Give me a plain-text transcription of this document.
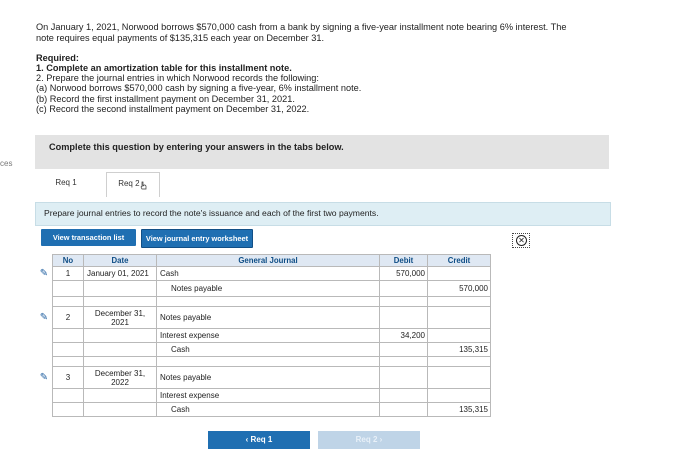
ces

On January 1, 2021, Norwood borrows $570,000 cash from a bank by signing a five-year installment note bearing 6% interest. The

note requires equal payments of $135,315 each year on December 31.

Required:
1. Complete an amortization table for this installment note.
2. Prepare the journal entries in which Norwood records the following:
(a) Norwood borrows $570,000 cash by signing a five-year, 6% installment note.
(b) Record the first installment payment on December 31, 2021.
(c) Record the second installment payment on December 31, 2022.
Complete this question by entering your answers in the tabs below.
Req 1	Req 2
Prepare journal entries to record the note's issuance and each of the first two payments.
View transaction list	View journal entry worksheet	✕
	No	Date	General Journal	Debit	Credit
✎	1	January 01, 2021	Cash	570,000	
			Notes payable		570,000

✎	2	December 31, 2021	Notes payable		
			Interest expense	34,200	
			Cash		135,315

✎	3	December 31, 2022	Notes payable		
			Interest expense		
			Cash		135,315
‹ Req 1	Req 2 ›
